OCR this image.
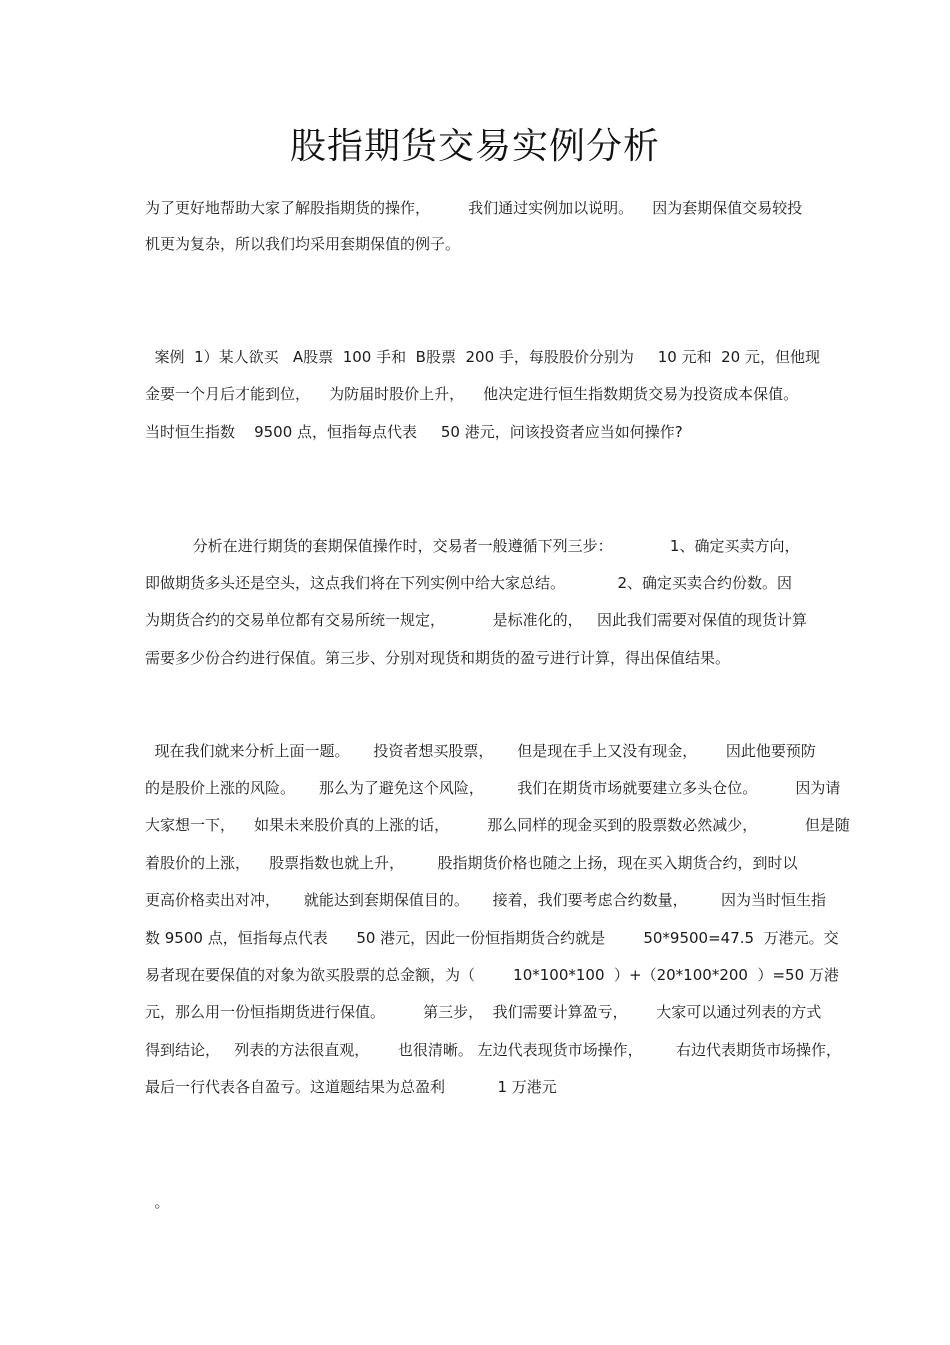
股指期货交易实例分析
为了更好地帮助大家了解股指期货的操作，        我们通过实例加以说明。    因为套期保值交易较投
机更为复杂，所以我们均采用套期保值的例子。
案例  1）某人欲买   A股票  100 手和  B股票  200 手，每股股价分别为     10 元和  20 元，但他现
金要一个月后才能到位，    为防届时股价上升，    他决定进行恒生指数期货交易为投资成本保值。
当时恒生指数    9500 点，恒指每点代表     50 港元，问该投资者应当如何操作?
分析在进行期货的套期保值操作时，交易者一般遵循下列三步：            1、确定买卖方向，
即做期货多头还是空头，这点我们将在下列实例中给大家总结。           2、确定买卖合约份数。因
为期货合约的交易单位都有交易所统一规定，          是标准化的，   因此我们需要对保值的现货计算
需要多少份合约进行保值。第三步、分别对现货和期货的盈亏进行计算，得出保值结果。
现在我们就来分析上面一题。     投资者想买股票，     但是现在手上又没有现金，      因此他要预防
的是股价上涨的风险。     那么为了避免这个风险，       我们在期货市场就要建立多头仓位。        因为请
大家想一下，    如果未来股价真的上涨的话，        那么同样的现金买到的股票数必然减少，          但是随
着股价的上涨，    股票指数也就上升，       股指期货价格也随之上扬，现在买入期货合约，到时以
更高价格卖出对冲，     就能达到套期保值目的。     接着，我们要考虑合约数量，       因为当时恒生指
数 9500 点，恒指每点代表      50 港元，因此一份恒指期货合约就是        50*9500=47.5  万港元。交
易者现在要保值的对象为欲买股票的总金额，为（        10*100*100  ）+（20*100*200  ）=50 万港
元，那么用一份恒指期货进行保值。        第三步，  我们需要计算盈亏，      大家可以通过列表的方式
得到结论，   列表的方法很直观，      也很清晰。 左边代表现货市场操作，       右边代表期货市场操作，
最后一行代表各自盈亏。这道题结果为总盈利           1 万港元
。
